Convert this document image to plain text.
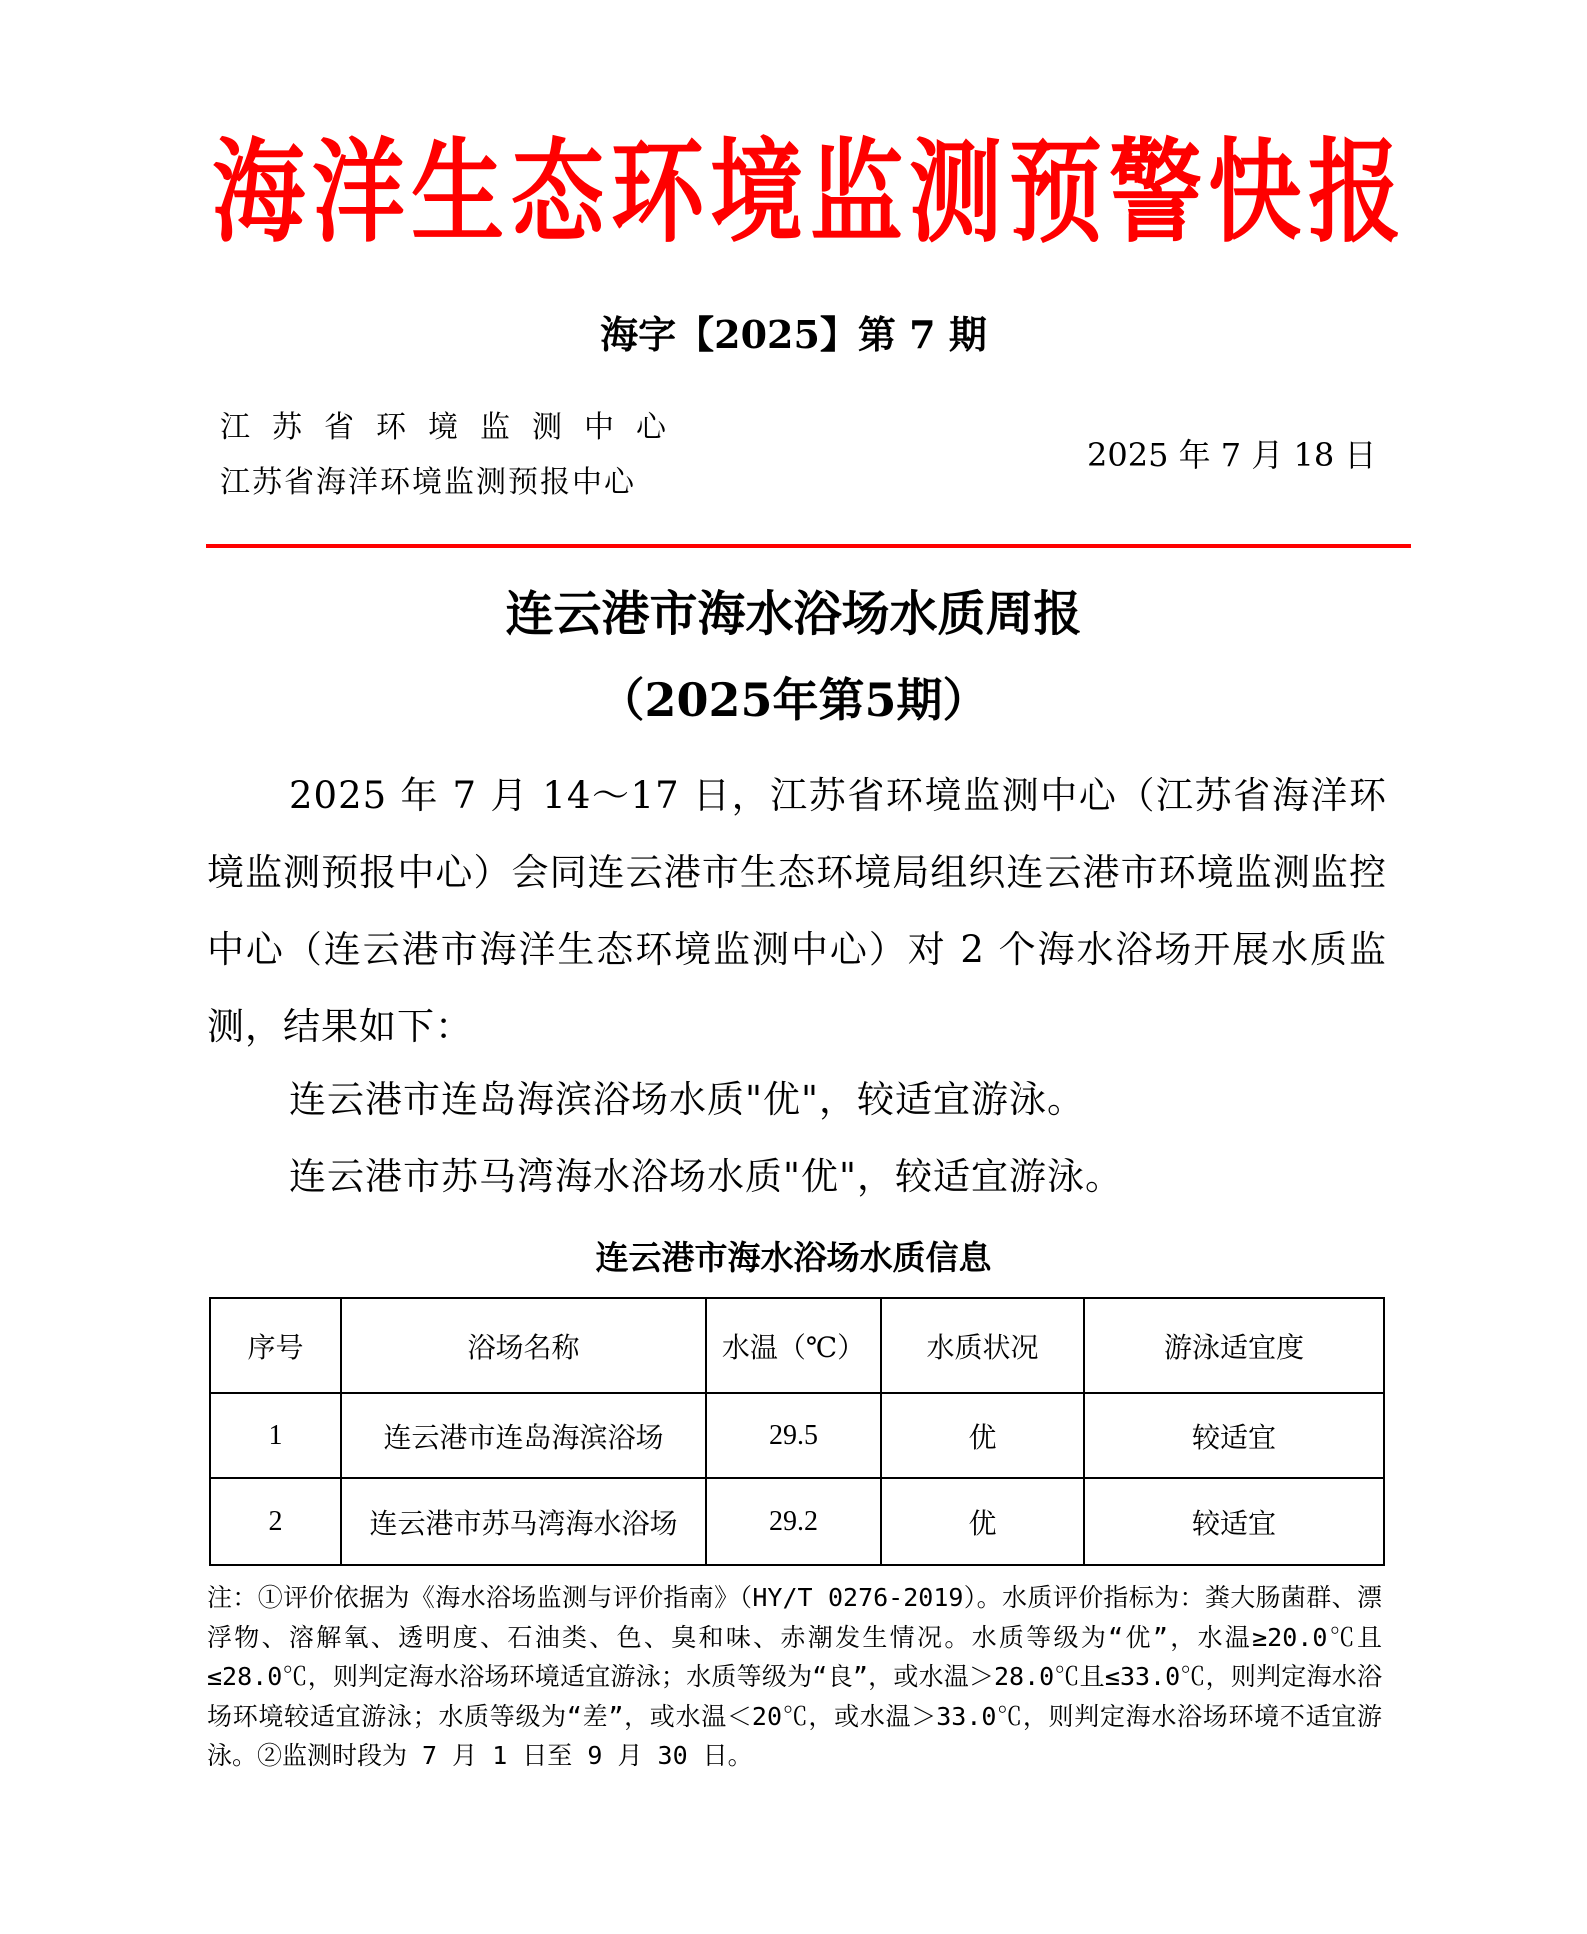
海 洋 生 态 环 境 监 测 预 警 快 报
海字【2025】第 7 期
江苏省环境监测中心
江苏省海洋环境监测预报中心
2025 年 7 月 18 日
连云港市海水浴场水质周报
（2025年第5期）
2025 年 7 月 14～17 日，江苏省环境监测中心（江苏省海洋环境监测预报中心）会同连云港市生态环境局组织连云港市环境监测监控中心（连云港市海洋生态环境监测中心）对 2 个海水浴场开展水质监测，结果如下：
连云港市连岛海滨浴场水质"优"，较适宜游泳。
连云港市苏马湾海水浴场水质"优"，较适宜游泳。
连云港市海水浴场水质信息
序号	浴场名称	水温（℃）	水质状况	游泳适宜度
1	连云港市连岛海滨浴场	29.5	优	较适宜
2	连云港市苏马湾海水浴场	29.2	优	较适宜
注：①评价依据为《海水浴场监测与评价指南》（HY/T 0276-2019）。水质评价指标为：粪大肠菌群、漂浮物、溶解氧、透明度、石油类、色、臭和味、赤潮发生情况。水质等级为“优”，水温≥20.0℃且≤28.0℃，则判定海水浴场环境适宜游泳；水质等级为“良”，或水温＞28.0℃且≤33.0℃，则判定海水浴场环境较适宜游泳；水质等级为“差”，或水温＜20℃，或水温＞33.0℃，则判定海水浴场环境不适宜游泳。②监测时段为 7 月 1 日至 9 月 30 日。
